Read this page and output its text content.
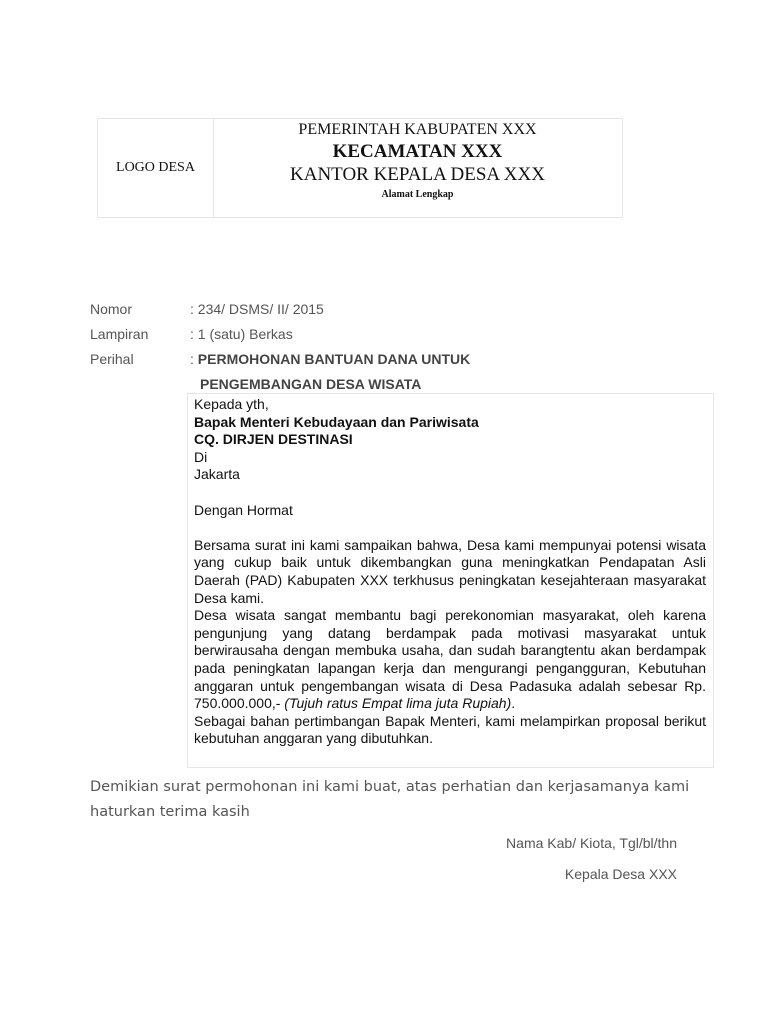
LOGO DESA
PEMERINTAH KABUPATEN XXX
KECAMATAN XXX
KANTOR KEPALA DESA XXX
Alamat Lengkap
Nomor	: 234/ DSMS/ II/ 2015
Lampiran	: 1 (satu) Berkas
Perihal	: PERMOHONAN BANTUAN DANA UNTUK
PENGEMBANGAN DESA WISATA

Kepada yth,

Bapak Menteri Kebudayaan dan Pariwisata

CQ. DIRJEN DESTINASI

Di

Jakarta

Dengan Hormat

Bersama surat ini kami sampaikan bahwa, Desa kami mempunyai potensi wisata yang cukup baik untuk dikembangkan guna meningkatkan Pendapatan Asli Daerah (PAD) Kabupaten XXX terkhusus peningkatan kesejahteraan masyarakat Desa kami.

Desa wisata sangat membantu bagi perekonomian masyarakat, oleh karena pengunjung yang datang berdampak pada motivasi masyarakat untuk berwirausaha dengan membuka usaha, dan sudah barangtentu akan berdampak pada peningkatan lapangan kerja dan mengurangi pengangguran, Kebutuhan anggaran untuk pengembangan wisata di Desa Padasuka adalah sebesar Rp. 750.000.000,- (Tujuh ratus Empat lima juta Rupiah).

Sebagai bahan pertimbangan Bapak Menteri, kami melampirkan proposal berikut kebutuhan anggaran yang dibutuhkan.

Demikian surat permohonan ini kami buat, atas perhatian dan kerjasamanya kami haturkan terima kasih
Nama Kab/ Kiota, Tgl/bl/thn
Kepala Desa XXX
